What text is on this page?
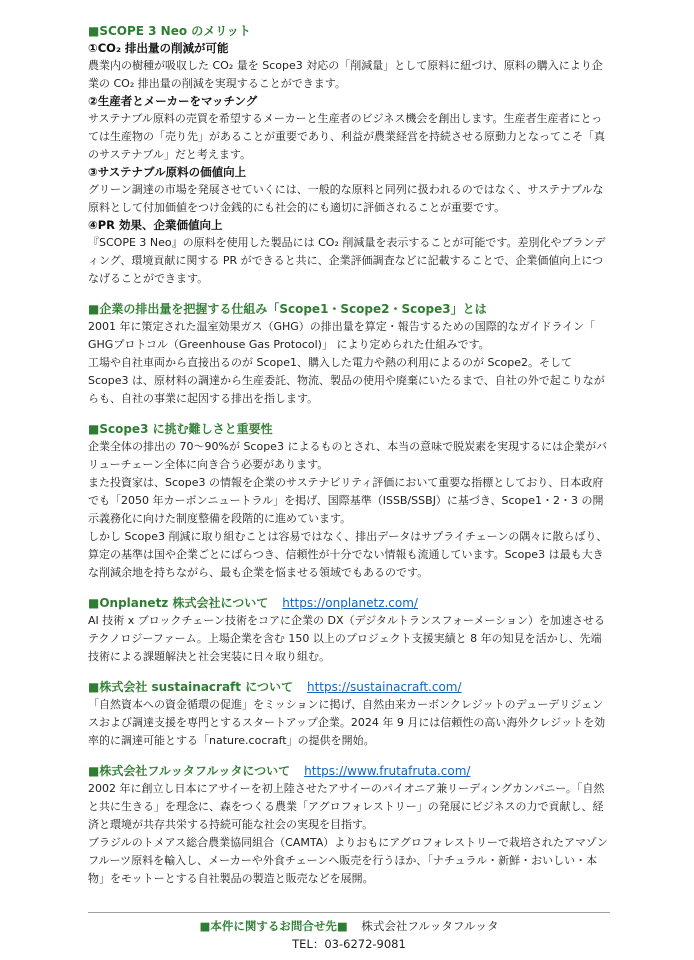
■SCOPE 3 Neo のメリット

①CO₂ 排出量の削減が可能

農業内の樹種が吸収した CO₂ 量を Scope3 対応の「削減量」として原料に紐づけ、原料の購入により企業の CO₂ 排出量の削減を実現することができます。

②生産者とメーカーをマッチング

サステナブル原料の売買を希望するメーカーと生産者のビジネス機会を創出します。生産者生産者にとっては生産物の「売り先」があることが重要であり、利益が農業経営を持続させる原動力となってこそ「真のサステナブル」だと考えます。

③サステナブル原料の価値向上

グリーン調達の市場を発展させていくには、一般的な原料と同列に扱われるのではなく、サステナブルな原料として付加価値をつけ金銭的にも社会的にも適切に評価されることが重要です。

④PR 効果、企業価値向上

『SCOPE 3 Neo』の原料を使用した製品には CO₂ 削減量を表示することが可能です。差別化やブランディング、環境貢献に関する PR ができると共に、企業評価調査などに記載することで、企業価値向上につなげることができます。

■企業の排出量を把握する仕組み「Scope1・Scope2・Scope3」とは

2001 年に策定された温室効果ガス（GHG）の排出量を算定・報告するための国際的なガイドライン「 GHGプロトコル（Greenhouse Gas Protocol)」 により定められた仕組みです。

工場や自社車両から直接出るのが Scope1、購入した電力や熱の利用によるのが Scope2。そして Scope3 は、原材料の調達から生産委託、物流、製品の使用や廃棄にいたるまで、自社の外で起こりながらも、自社の事業に起因する排出を指します。

■Scope3 に挑む難しさと重要性

企業全体の排出の 70～90%が Scope3 によるものとされ、本当の意味で脱炭素を実現するには企業がバリューチェーン全体に向き合う必要があります。

また投資家は、Scope3 の情報を企業のサステナビリティ評価において重要な指標としており、日本政府でも「2050 年カーボンニュートラル」を掲げ、国際基準（ISSB/SSBJ）に基づき、Scope1・2・3 の開示義務化に向けた制度整備を段階的に進めています。

しかし Scope3 削減に取り組むことは容易ではなく、排出データはサプライチェーンの隅々に散らばり、算定の基準は国や企業ごとにばらつき、信頼性が十分でない情報も流通しています。Scope3 は最も大きな削減余地を持ちながら、最も企業を悩ませる領域でもあるのです。

■Onplanetz 株式会社について https://onplanetz.com/

AI 技術 x ブロックチェーン技術をコアに企業の DX（デジタルトランスフォーメーション）を加速させるテクノロジーファーム。上場企業を含む 150 以上のプロジェクト支援実績と 8 年の知見を活かし、先端技術による課題解決と社会実装に日々取り組む。

■株式会社 sustainacraft について https://sustainacraft.com/

「自然資本への資金循環の促進」をミッションに掲げ、自然由来カーボンクレジットのデューデリジェンスおよび調達支援を専門とするスタートアップ企業。2024 年 9 月には信頼性の高い海外クレジットを効率的に調達可能とする「nature.cocraft」の提供を開始。

■株式会社フルッタフルッタについて https://www.frutafruta.com/

2002 年に創立し日本にアサイーを初上陸させたアサイーのパイオニア兼リーディングカンパニー。「自然と共に生きる」を理念に、森をつくる農業「アグロフォレストリー」の発展にビジネスの力で貢献し、経済と環境が共存共栄する持続可能な社会の実現を目指す。

ブラジルのトメアス総合農業協同組合（CAMTA）よりおもにアグロフォレストリーで栽培されたアマゾンフルーツ原料を輸入し、メーカーや外食チェーンへ販売を行うほか、「ナチュラル・新鮮・おいしい・本物」をモットーとする自社製品の製造と販売などを展開。

■本件に関するお問合せ先■ 株式会社フルッタフルッタ
TEL：03-6272-9081
